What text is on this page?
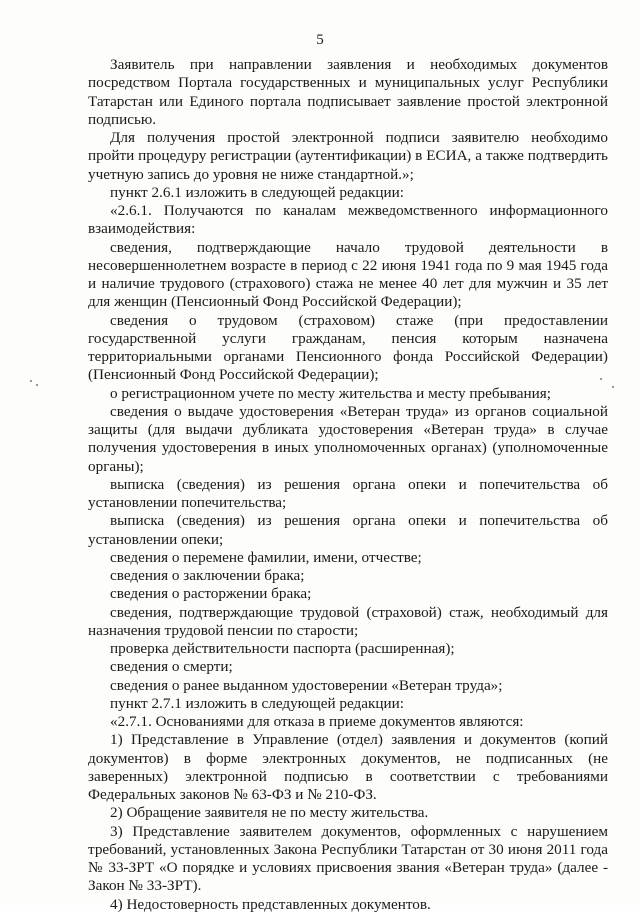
5

Заявитель при направлении заявления и необходимых документов посредством Портала государственных и муниципальных услуг Республики Татарстан или Единого портала подписывает заявление простой электронной подписью.

Для получения простой электронной подписи заявителю необходимо пройти процедуру регистрации (аутентификации) в ЕСИА, а также подтвердить учетную запись до уровня не ниже стандартной.»;

пункт 2.6.1 изложить в следующей редакции:

«2.6.1. Получаются по каналам межведомственного информационного взаимодействия:

сведения, подтверждающие начало трудовой деятельности в несовершеннолетнем возрасте в период с 22 июня 1941 года по 9 мая 1945 года и наличие трудового (страхового) стажа не менее 40 лет для мужчин и 35 лет для женщин (Пенсионный Фонд Российской Федерации);

сведения о трудовом (страховом) стаже (при предоставлении государственной услуги гражданам, пенсия которым назначена территориальными органами Пенсионного фонда Российской Федерации) (Пенсионный Фонд Российской Федерации);

о регистрационном учете по месту жительства и месту пребывания;

сведения о выдаче удостоверения «Ветеран труда» из органов социальной защиты (для выдачи дубликата удостоверения «Ветеран труда» в случае получения удостоверения в иных уполномоченных органах) (уполномоченные органы);

выписка (сведения) из решения органа опеки и попечительства об установлении попечительства;

выписка (сведения) из решения органа опеки и попечительства об установлении опеки;

сведения о перемене фамилии, имени, отчестве;

сведения о заключении брака;

сведения о расторжении брака;

сведения, подтверждающие трудовой (страховой) стаж, необходимый для назначения трудовой пенсии по старости;

проверка действительности паспорта (расширенная);

сведения о смерти;

сведения о ранее выданном удостоверении «Ветеран труда»;

пункт 2.7.1 изложить в следующей редакции:

«2.7.1. Основаниями для отказа в приеме документов являются:

1) Представление в Управление (отдел) заявления и документов (копий документов) в форме электронных документов, не подписанных (не заверенных) электронной подписью в соответствии с требованиями Федеральных законов № 63-ФЗ и № 210-ФЗ.

2) Обращение заявителя не по месту жительства.

3) Представление заявителем документов, оформленных с нарушением требований, установленных Закона Республики Татарстан от 30 июня 2011 года № 33-ЗРТ «О порядке и условиях присвоения звания «Ветеран труда» (далее - Закон № 33-ЗРТ).

4) Недостоверность представленных документов.
